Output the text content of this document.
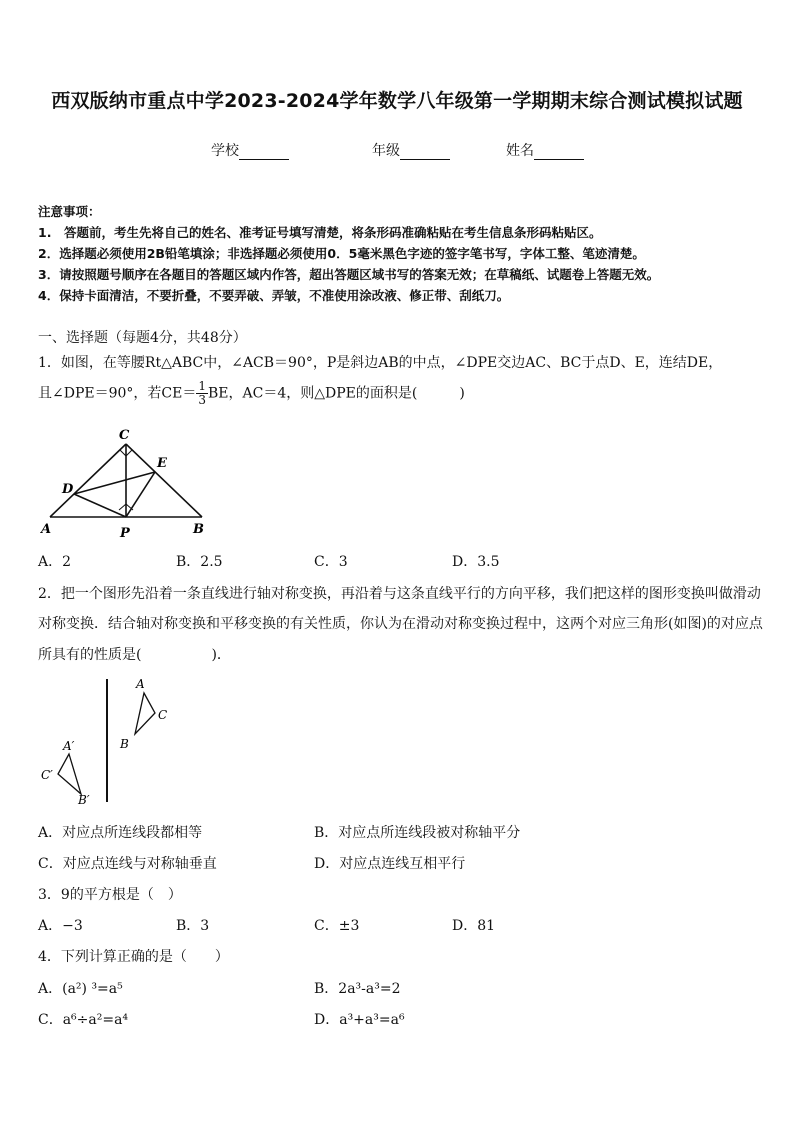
西双版纳市重点中学2023-2024学年数学八年级第一学期期末综合测试模拟试题
学校	年级	姓名
注意事项：
1.　答题前，考生先将自己的姓名、准考证号填写清楚，将条形码准确粘贴在考生信息条形码粘贴区。
2．选择题必须使用2B铅笔填涂；非选择题必须使用0．5毫米黑色字迹的签字笔书写，字体工整、笔迹清楚。
3．请按照题号顺序在各题目的答题区域内作答，超出答题区域书写的答案无效；在草稿纸、试题卷上答题无效。
4．保持卡面清洁，不要折叠，不要弄破、弄皱，不准使用涂改液、修正带、刮纸刀。
一、选择题（每题4分，共48分）
1．如图，在等腰Rt△ABC中，∠ACB＝90°，P是斜边AB的中点，∠DPE交边AC、BC于点D、E，连结DE，
且∠DPE＝90°，若$CE= \frac{1}{3}$ BE，AC＝4，则△DPE的面积是(　　　)
C
E
D
A	B
P
A．2	B．2.5	C．3	D．3.5
2．把一个图形先沿着一条直线进行轴对称变换，再沿着与这条直线平行的方向平移，我们把这样的图形变换叫做滑动
对称变换．结合轴对称变换和平移变换的有关性质，你认为在滑动对称变换过程中，这两个对应三角形(如图)的对应点
所具有的性质是(　　　　　)．
A
C
B
A′
C′
B′
A．对应点所连线段都相等	B．对应点所连线段被对称轴平分
C．对应点连线与对称轴垂直	D．对应点连线互相平行
3．9的平方根是（　）
A．−3	B．3	C．±3	D．81
4．下列计算正确的是（　　）
A．(a²) ³=a⁵	B．2a³-a³=2
C．a⁶÷a²=a⁴	D．a³+a³=a⁶
